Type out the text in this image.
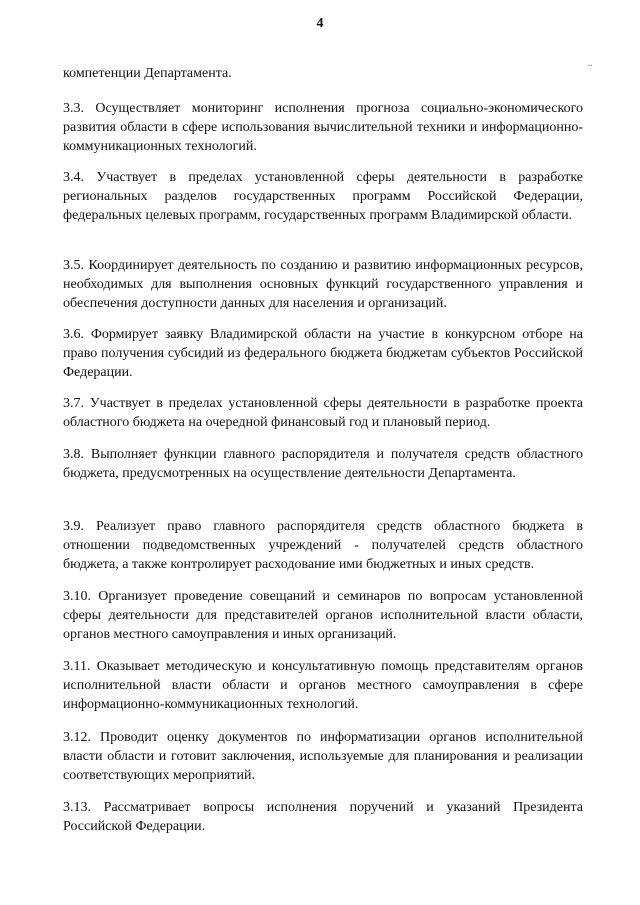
4
..

компетенции Департамента.

3.3. Осуществляет мониторинг исполнения прогноза социально-экономического развития области в сфере использования вычислительной техники и информационно-коммуникационных технологий.

3.4. Участвует в пределах установленной сферы деятельности в разработке региональных разделов государственных программ Российской Федерации, федеральных целевых программ, государственных программ Владимирской области.

3.5. Координирует деятельность по созданию и развитию информационных ресурсов, необходимых для выполнения основных функций государственного управления и обеспечения доступности данных для населения и организаций.

3.6. Формирует заявку Владимирской области на участие в конкурсном отборе на право получения субсидий из федерального бюджета бюджетам субъектов Российской Федерации.

3.7. Участвует в пределах установленной сферы деятельности в разработке проекта областного бюджета на очередной финансовый год и плановый период.

3.8. Выполняет функции главного распорядителя и получателя средств областного бюджета, предусмотренных на осуществление деятельности Департамента.

3.9. Реализует право главного распорядителя средств областного бюджета в отношении подведомственных учреждений - получателей средств областного бюджета, а также контролирует расходование ими бюджетных и иных средств.

3.10. Организует проведение совещаний и семинаров по вопросам установленной сферы деятельности для представителей органов исполнительной власти области, органов местного самоуправления и иных организаций.

3.11. Оказывает методическую и консультативную помощь представителям органов исполнительной власти области и органов местного самоуправления в сфере информационно-коммуникационных технологий.

3.12. Проводит оценку документов по информатизации органов исполнительной власти области и готовит заключения, используемые для планирования и реализации соответствующих мероприятий.

3.13. Рассматривает вопросы исполнения поручений и указаний Президента Российской Федерации.
